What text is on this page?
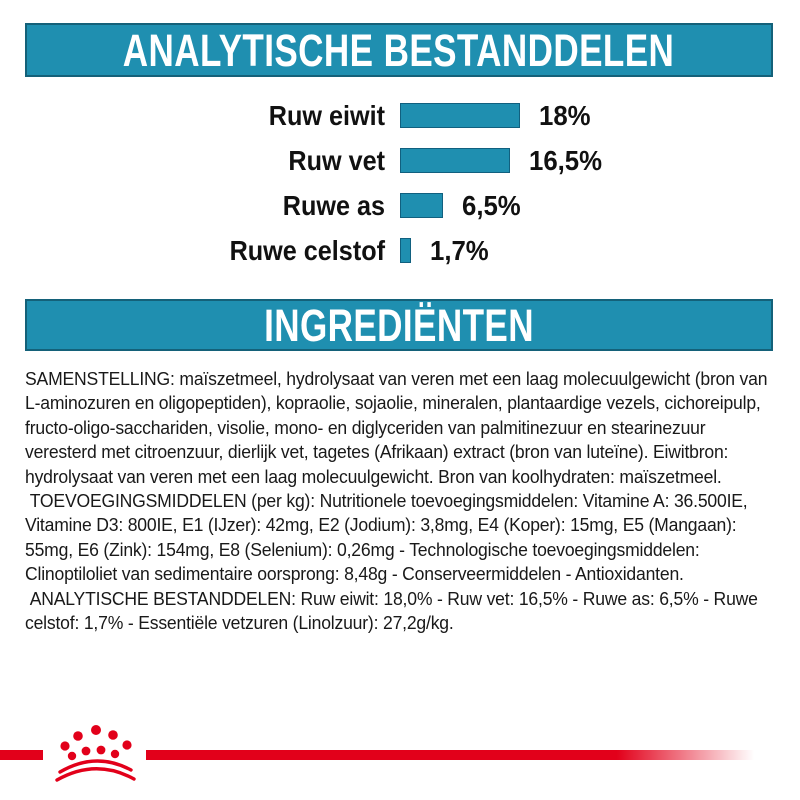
ANALYTISCHE BESTANDDELEN
Ruw eiwit	18%
Ruw vet	16,5%
Ruwe as	6,5%
Ruwe celstof 1,7%
INGREDIËNTEN

SAMENSTELLING: maïszetmeel, hydrolysaat van veren met een laag molecuulgewicht (bron van L-aminozuren en oligopeptiden), kopraolie, sojaolie, mineralen, plantaardige vezels, cichoreipulp, fructo-oligo-sacchariden, visolie, mono- en diglyceriden van palmitinezuur en stearinezuur veresterd met citroenzuur, dierlijk vet, tagetes (Afrikaan) extract (bron van luteïne). Eiwitbron: hydrolysaat van veren met een laag molecuulgewicht. Bron van koolhydraten: maïszetmeel.

TOEVOEGINGSMIDDELEN (per kg): Nutritionele toevoegingsmiddelen: Vitamine A: 36.500IE, Vitamine D3: 800IE, E1 (IJzer): 42mg, E2 (Jodium): 3,8mg, E4 (Koper): 15mg, E5 (Mangaan): 55mg, E6 (Zink): 154mg, E8 (Selenium): 0,26mg - Technologische toevoegingsmiddelen: Clinoptiloliet van sedimentaire oorsprong: 8,48g - Conserveermiddelen - Antioxidanten.

ANALYTISCHE BESTANDDELEN: Ruw eiwit: 18,0% - Ruw vet: 16,5% - Ruwe as: 6,5% - Ruwe celstof: 1,7% - Essentiële vetzuren (Linolzuur): 27,2g/kg.
